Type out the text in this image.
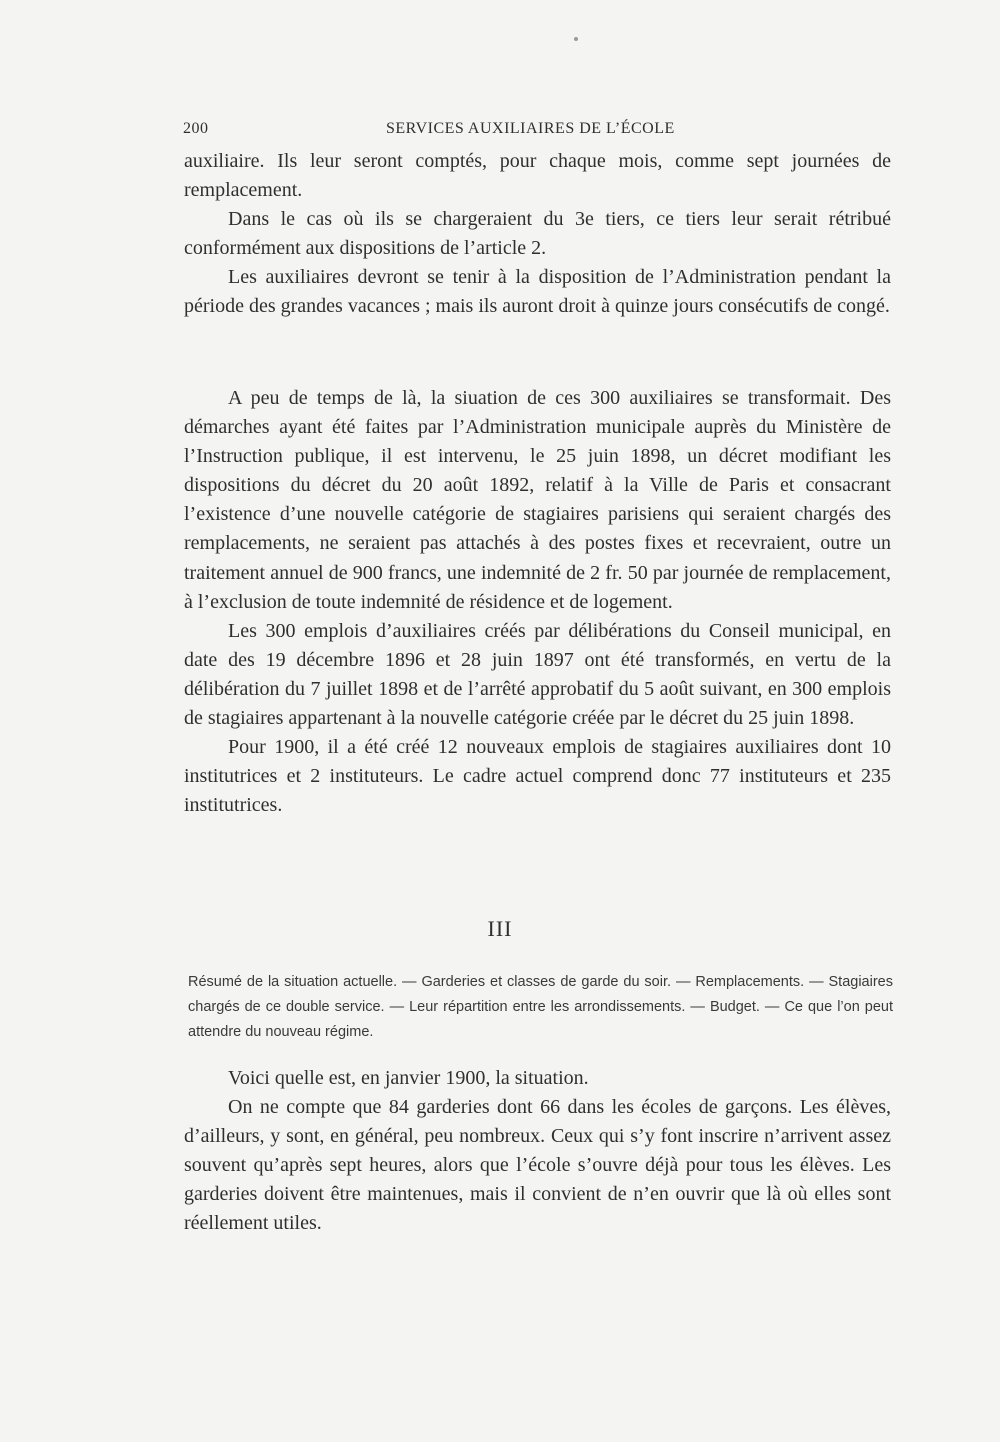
200	SERVICES AUXILIAIRES DE L’ÉCOLE

auxiliaire. Ils leur seront comptés, pour chaque mois, comme sept journées de remplacement.

Dans le cas où ils se chargeraient du 3e tiers, ce tiers leur serait rétribué conformément aux dispositions de l’article 2.

Les auxiliaires devront se tenir à la disposition de l’Administration pendant la période des grandes vacances ; mais ils auront droit à quinze jours consécutifs de congé.

A peu de temps de là, la siuation de ces 300 auxiliaires se transformait. Des démarches ayant été faites par l’Administration municipale auprès du Ministère de l’Instruction publique, il est intervenu, le 25 juin 1898, un décret modifiant les dispositions du décret du 20 août 1892, relatif à la Ville de Paris et consacrant l’existence d’une nouvelle catégorie de stagiaires parisiens qui seraient chargés des remplacements, ne seraient pas attachés à des postes fixes et recevraient, outre un traitement annuel de 900 francs, une indemnité de 2 fr. 50 par journée de remplacement, à l’exclusion de toute indemnité de résidence et de logement.

Les 300 emplois d’auxiliaires créés par délibérations du Conseil municipal, en date des 19 décembre 1896 et 28 juin 1897 ont été transformés, en vertu de la délibération du 7 juillet 1898 et de l’arrêté approbatif du 5 août suivant, en 300 emplois de stagiaires appartenant à la nouvelle catégorie créée par le décret du 25 juin 1898.

Pour 1900, il a été créé 12 nouveaux emplois de stagiaires auxiliaires dont 10 institutrices et 2 instituteurs. Le cadre actuel comprend donc 77 instituteurs et 235 institutrices.

III

Résumé de la situation actuelle. — Garderies et classes de garde du soir. — Remplacements. — Stagiaires chargés de ce double service. — Leur répartition entre les arrondissements. — Budget. — Ce que l’on peut attendre du nouveau régime.

Voici quelle est, en janvier 1900, la situation.

On ne compte que 84 garderies dont 66 dans les écoles de garçons. Les élèves, d’ailleurs, y sont, en général, peu nombreux. Ceux qui s’y font inscrire n’arrivent assez souvent qu’après sept heures, alors que l’école s’ouvre déjà pour tous les élèves. Les garderies doivent être maintenues, mais il convient de n’en ouvrir que là où elles sont réellement utiles.
